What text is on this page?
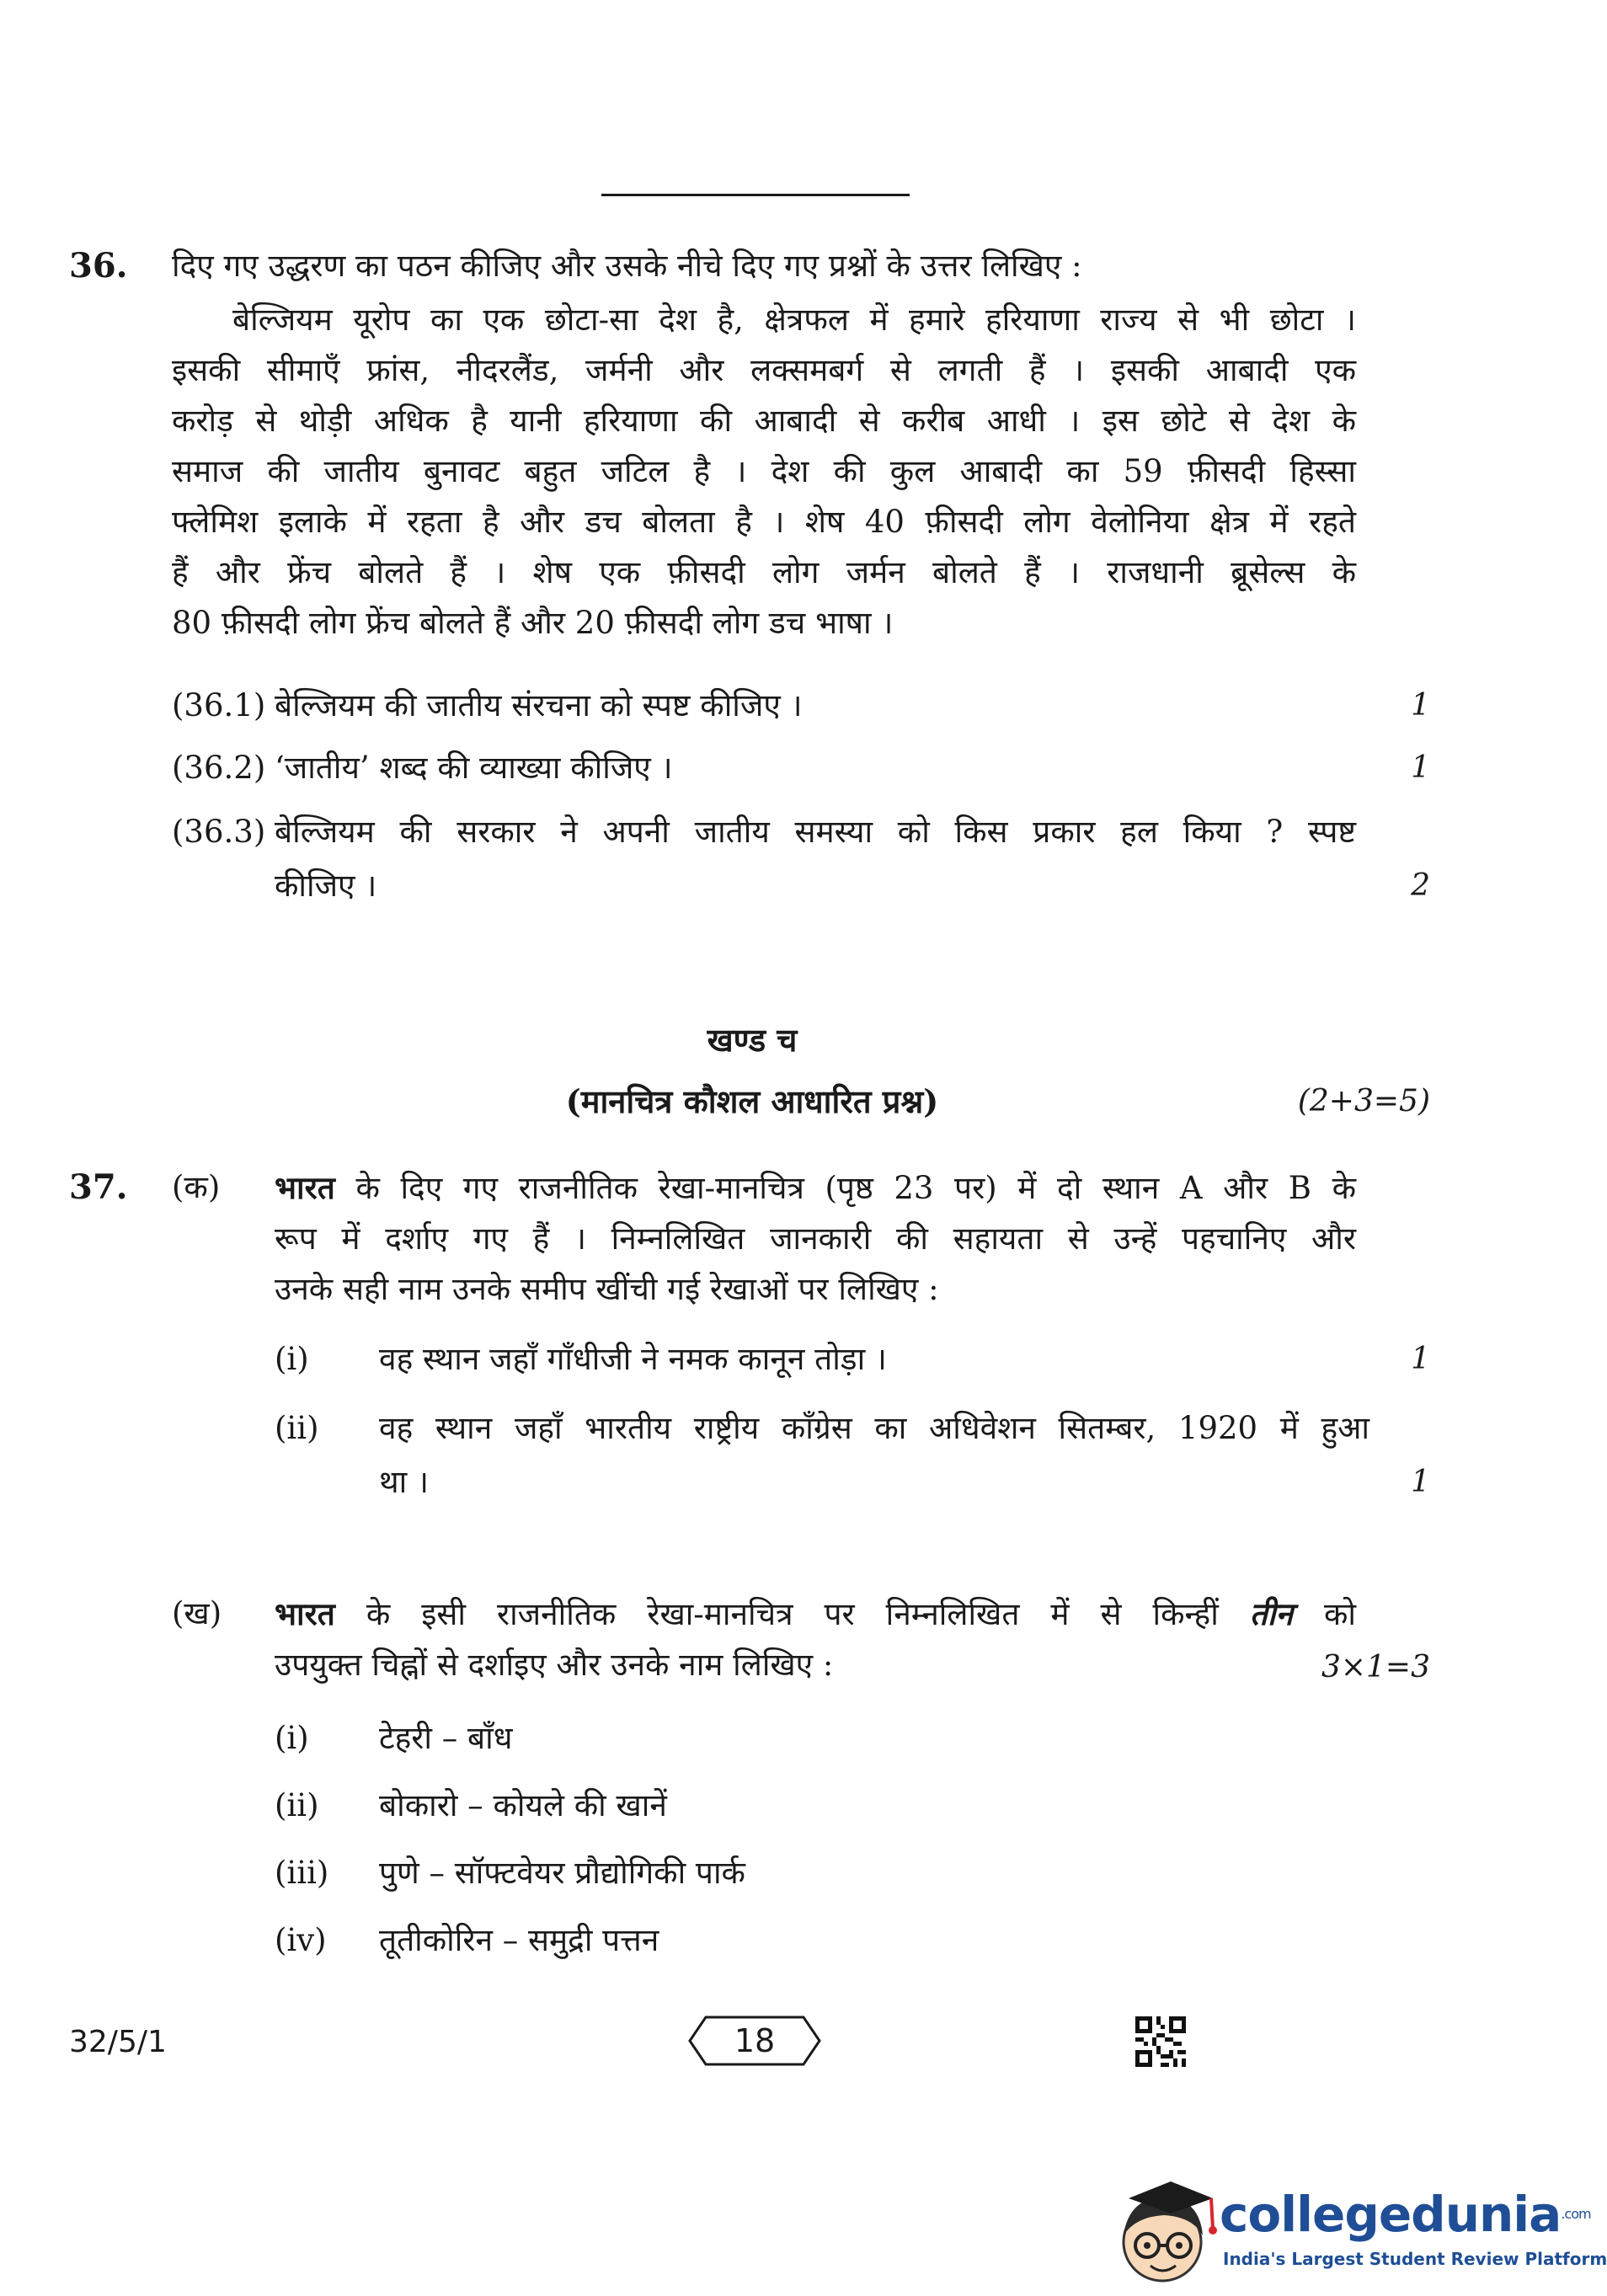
36. दिए गए उद्धरण का पठन कीजिए और उसके नीचे दिए गए प्रश्नों के उत्तर लिखिए :
बेल्जियम यूरोप का एक छोटा-सा देश है, क्षेत्रफल में हमारे हरियाणा राज्य से भी छोटा ।
इसकी सीमाएँ फ्रांस, नीदरलैंड, जर्मनी और लक्समबर्ग से लगती हैं । इसकी आबादी एक
करोड़ से थोड़ी अधिक है यानी हरियाणा की आबादी से करीब आधी । इस छोटे से देश के
समाज की जातीय बुनावट बहुत जटिल है । देश की कुल आबादी का 59 फ़ीसदी हिस्सा
फ्लेमिश इलाके में रहता है और डच बोलता है । शेष 40 फ़ीसदी लोग वेलोनिया क्षेत्र में रहते
हैं और फ्रेंच बोलते हैं । शेष एक फ़ीसदी लोग जर्मन बोलते हैं । राजधानी ब्रूसेल्स के
80 फ़ीसदी लोग फ्रेंच बोलते हैं और 20 फ़ीसदी लोग डच भाषा ।
(36.1) बेल्जियम की जातीय संरचना को स्पष्ट कीजिए ।	1
(36.2) ‘जातीय’ शब्द की व्याख्या कीजिए ।	1
(36.3) बेल्जियम की सरकार ने अपनी जातीय समस्या को किस प्रकार हल किया ? स्पष्ट
कीजिए ।	2
खण्ड च
(मानचित्र कौशल आधारित प्रश्न)	(2+3=5)
37. (क) भारत के दिए गए राजनीतिक रेखा-मानचित्र (पृष्ठ 23 पर) में दो स्थान A और B के
रूप में दर्शाए गए हैं । निम्नलिखित जानकारी की सहायता से उन्हें पहचानिए और
उनके सही नाम उनके समीप खींची गई रेखाओं पर लिखिए :
(i) वह स्थान जहाँ गाँधीजी ने नमक कानून तोड़ा ।	1
(ii) वह स्थान जहाँ भारतीय राष्ट्रीय काँग्रेस का अधिवेशन सितम्बर, 1920 में हुआ
था ।	1
(ख) भारत के इसी राजनीतिक रेखा-मानचित्र पर निम्नलिखित में से किन्हीं तीन को
उपयुक्त चिह्नों से दर्शाइए और उनके नाम लिखिए :	3×1=3
(i) टेहरी – बाँध
(ii) बोकारो – कोयले की खानें
(iii) पुणे – सॉफ्टवेयर प्रौद्योगिकी पार्क
(iv) तूतीकोरिन – समुद्री पत्तन
32/5/1	18
collegedunia$^{.com}$
India's Largest Student Review Platform
